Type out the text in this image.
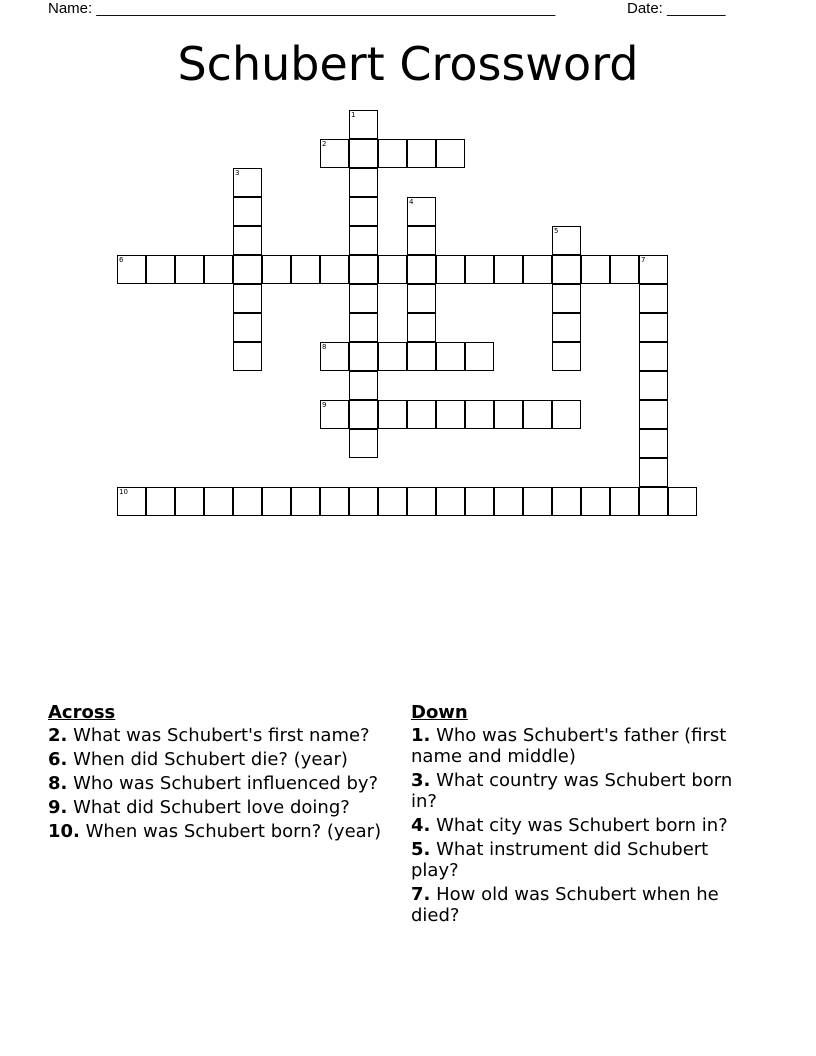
Name: _______________________________________________________	Date: _______
Schubert Crossword
1
2
3
4
5
6	7
8
9
10
Across
2. What was Schubert's first name?
6. When did Schubert die? (year)
8. Who was Schubert influenced by?
9. What did Schubert love doing?
10. When was Schubert born? (year)
Down
1. Who was Schubert's father (first name and middle)
3. What country was Schubert born in?
4. What city was Schubert born in?
5. What instrument did Schubert play?
7. How old was Schubert when he died?
